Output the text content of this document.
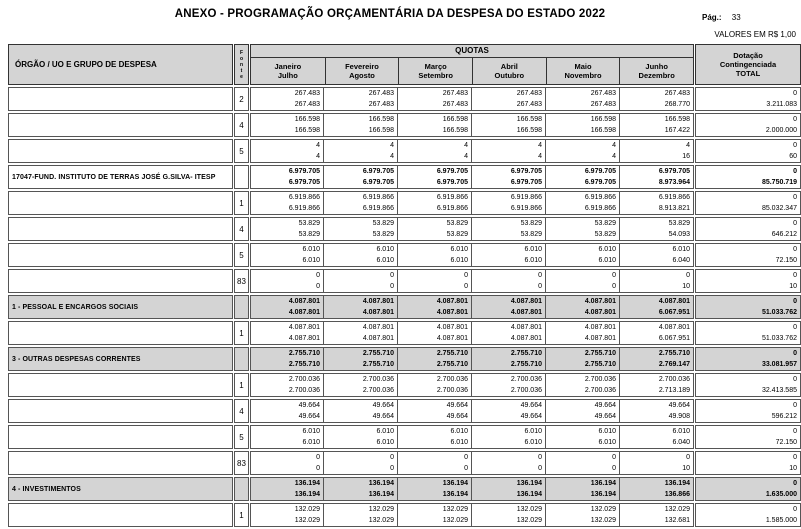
ANEXO - PROGRAMAÇÃO ORÇAMENTÁRIA DA DESPESA DO ESTADO 2022	Pág.: 33
VALORES EM R$ 1,00
ÓRGÃO / UO E GRUPO DE DESPESA
F
o
n
t
e
QUOTAS
Janeiro
Julho
Fevereiro
Agosto
Março
Setembro
Abril
Outubro
Maio
Novembro
Junho
Dezembro
Dotação
Contingenciada
TOTAL
2
267.483
267.483
267.483
267.483
267.483
267.483
267.483
267.483
267.483
267.483
267.483
268.770
0
3.211.083
4
166.598
166.598
166.598
166.598
166.598
166.598
166.598
166.598
166.598
166.598
166.598
167.422
0
2.000.000
5
4
4
4
4
4
4
4
4
4
4
4
16
0
60
17047-FUND. INSTITUTO DE TERRAS JOSÉ G.SILVA- ITESP
6.979.705
6.979.705
6.979.705
6.979.705
6.979.705
6.979.705
6.979.705
6.979.705
6.979.705
6.979.705
6.979.705
8.973.964
0
85.750.719
1
6.919.866
6.919.866
6.919.866
6.919.866
6.919.866
6.919.866
6.919.866
6.919.866
6.919.866
6.919.866
6.919.866
8.913.821
0
85.032.347
4
53.829
53.829
53.829
53.829
53.829
53.829
53.829
53.829
53.829
53.829
53.829
54.093
0
646.212
5
6.010
6.010
6.010
6.010
6.010
6.010
6.010
6.010
6.010
6.010
6.010
6.040
0
72.150
83
0
0
0
0
0
0
0
0
0
0
0
10
0
10
1 - PESSOAL E ENCARGOS SOCIAIS
4.087.801
4.087.801
4.087.801
4.087.801
4.087.801
4.087.801
4.087.801
4.087.801
4.087.801
4.087.801
4.087.801
6.067.951
0
51.033.762
1
4.087.801
4.087.801
4.087.801
4.087.801
4.087.801
4.087.801
4.087.801
4.087.801
4.087.801
4.087.801
4.087.801
6.067.951
0
51.033.762
3 - OUTRAS DESPESAS CORRENTES
2.755.710
2.755.710
2.755.710
2.755.710
2.755.710
2.755.710
2.755.710
2.755.710
2.755.710
2.755.710
2.755.710
2.769.147
0
33.081.957
1
2.700.036
2.700.036
2.700.036
2.700.036
2.700.036
2.700.036
2.700.036
2.700.036
2.700.036
2.700.036
2.700.036
2.713.189
0
32.413.585
4
49.664
49.664
49.664
49.664
49.664
49.664
49.664
49.664
49.664
49.664
49.664
49.908
0
596.212
5
6.010
6.010
6.010
6.010
6.010
6.010
6.010
6.010
6.010
6.010
6.010
6.040
0
72.150
83
0
0
0
0
0
0
0
0
0
0
0
10
0
10
4 - INVESTIMENTOS
136.194
136.194
136.194
136.194
136.194
136.194
136.194
136.194
136.194
136.194
136.194
136.866
0
1.635.000
1
132.029
132.029
132.029
132.029
132.029
132.029
132.029
132.029
132.029
132.029
132.029
132.681
0
1.585.000
